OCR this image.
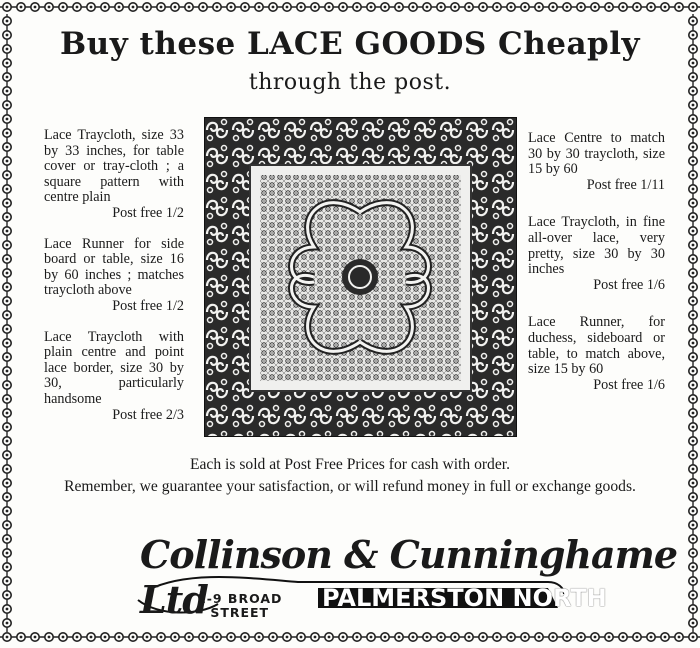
Buy these LACE GOODS Cheaply
through the post.

Lace Traycloth, size 33 by 33 inches, for table cover or tray-cloth ; a square pattern with centre plain
Post free 1/2

Lace Runner for side board or table, size 16 by 60 inches ; matches traycloth above
Post free 1/2

Lace Traycloth with plain centre and point lace border, size 30 by 30, particularly handsome
Post free 2/3

Lace Centre to match 30 by 30 traycloth, size 15 by 60
Post free 1/11

Lace Traycloth, in fine all-over lace, very pretty, size 30 by 30 inches
Post free 1/6

Lace Runner, for duchess, sideboard or table, to match above, size 15 by 60
Post free 1/6

Each is sold at Post Free Prices for cash with order.
Remember, we guarantee your satisfaction, or will refund money in full or exchange goods.
Collinson & Cunninghame Ltd
1-9 BROAD
STREET
PALMERSTON NORTH
